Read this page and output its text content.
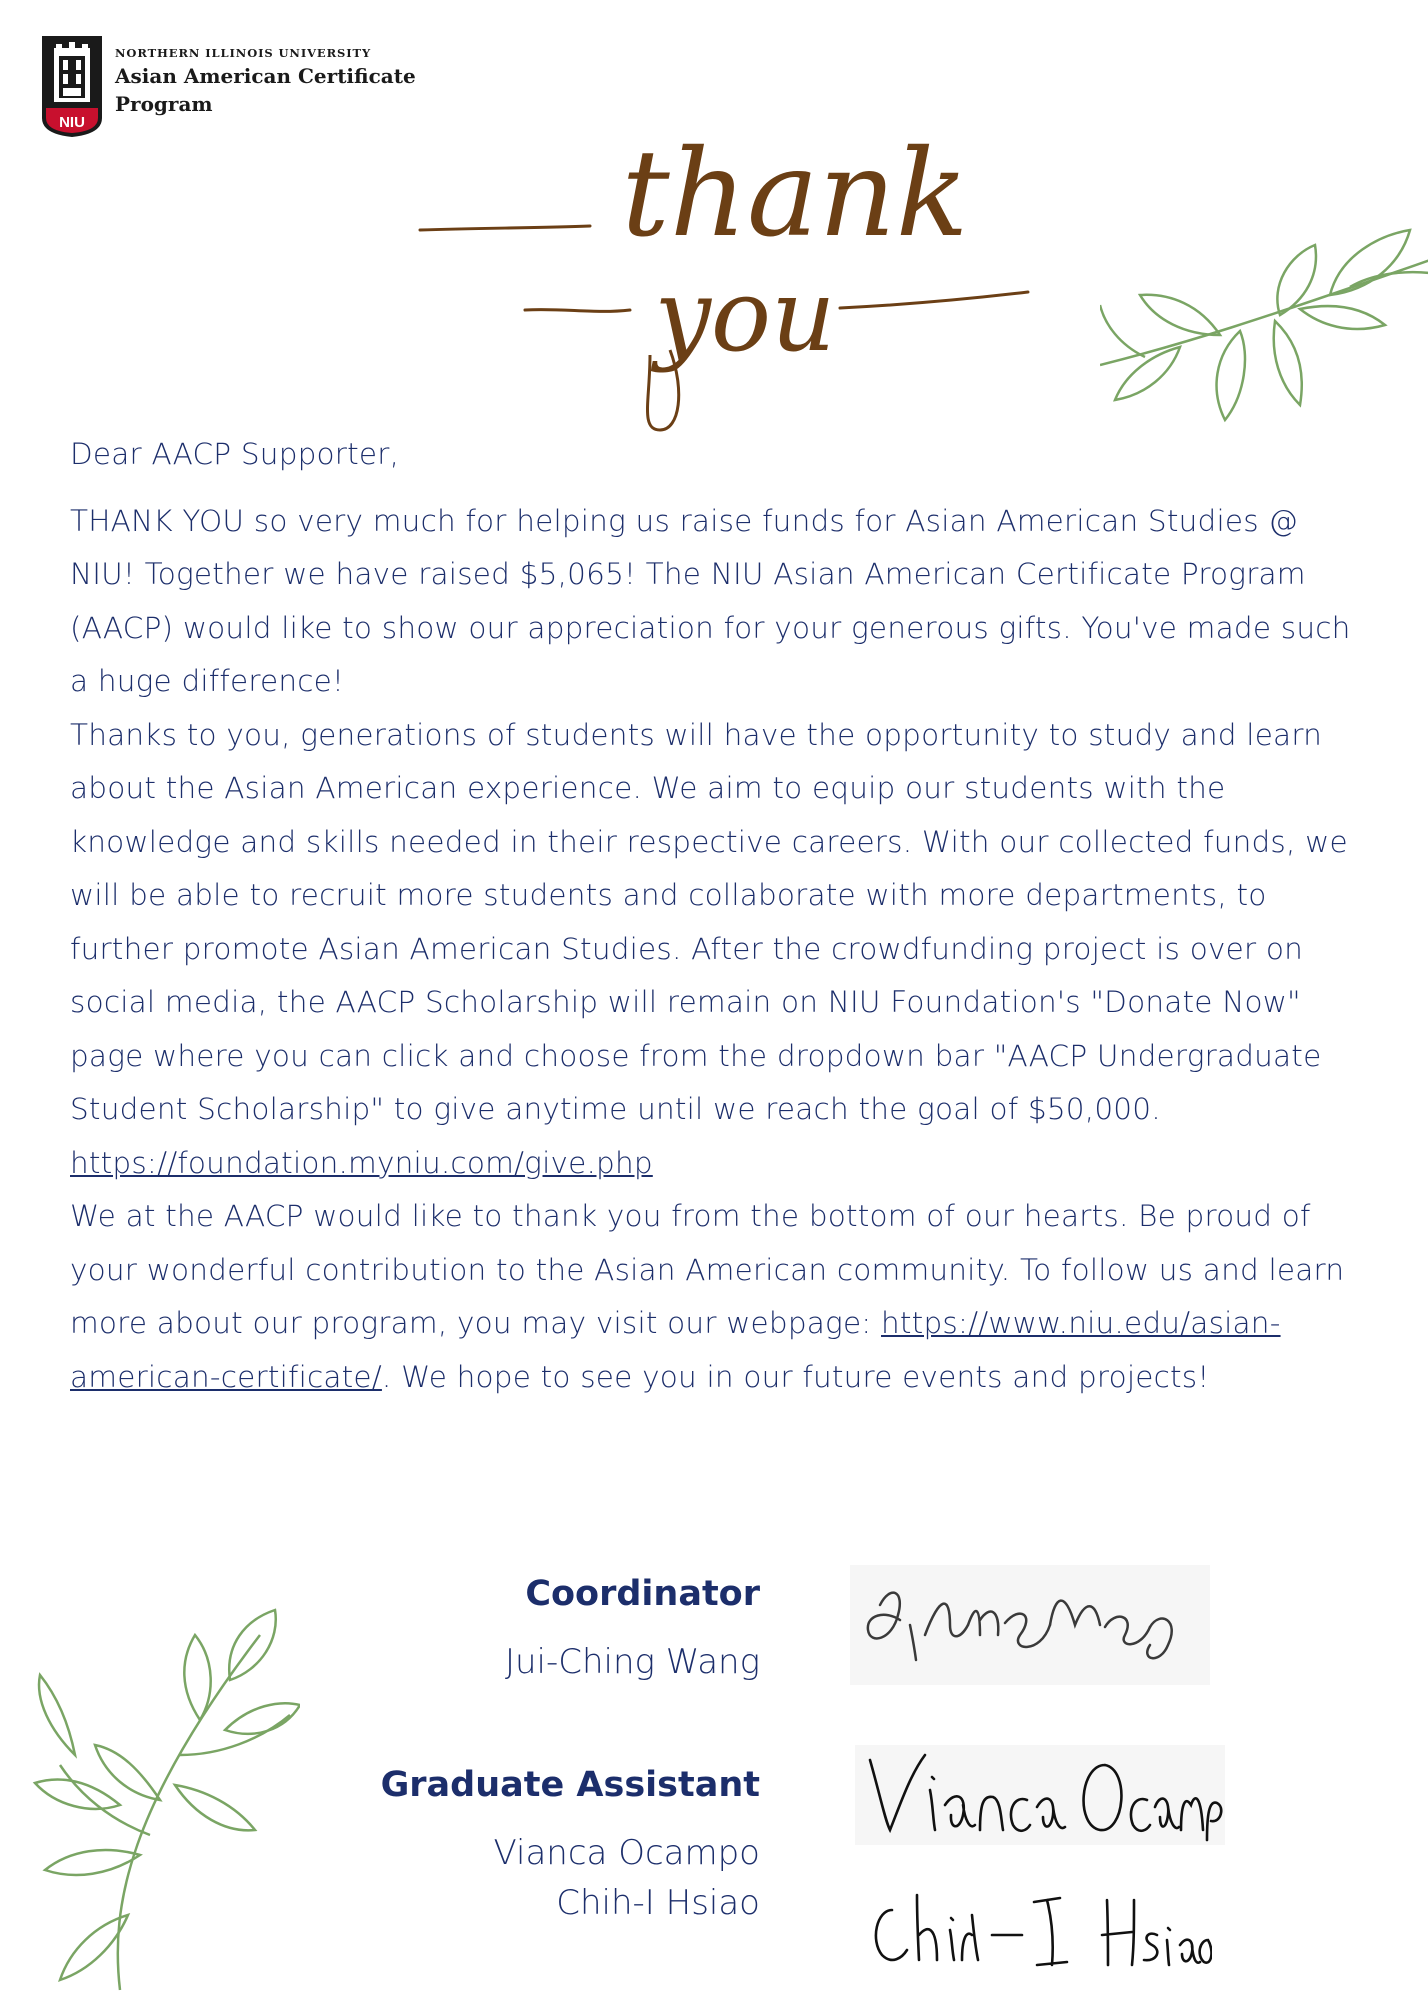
NIU
NORTHERN ILLINOIS UNIVERSITY
Asian American Certificate
Program
thank
you

Dear AACP Supporter,

THANK YOU so very much for helping us raise funds for Asian American Studies @ NIU! Together we have raised $5,065! The NIU Asian American Certificate Program (AACP) would like to show our appreciation for your generous gifts. You've made such a huge difference!

Thanks to you, generations of students will have the opportunity to study and learn about the Asian American experience. We aim to equip our students with the knowledge and skills needed in their respective careers. With our collected funds, we will be able to recruit more students and collaborate with more departments, to further promote Asian American Studies. After the crowdfunding project is over on social media, the AACP Scholarship will remain on NIU Foundation's "Donate Now" page where you can click and choose from the dropdown bar "AACP Undergraduate Student Scholarship" to give anytime until we reach the goal of $50,000.

https://foundation.myniu.com/give.php

We at the AACP would like to thank you from the bottom of our hearts. Be proud of your wonderful contribution to the Asian American community. To follow us and learn more about our program, you may visit our webpage: https://www.niu.edu/asian-american-certificate/. We hope to see you in our future events and projects!

Coordinator
Jui-Ching Wang
Graduate Assistant
Vianca Ocampo
Chih-I Hsiao
